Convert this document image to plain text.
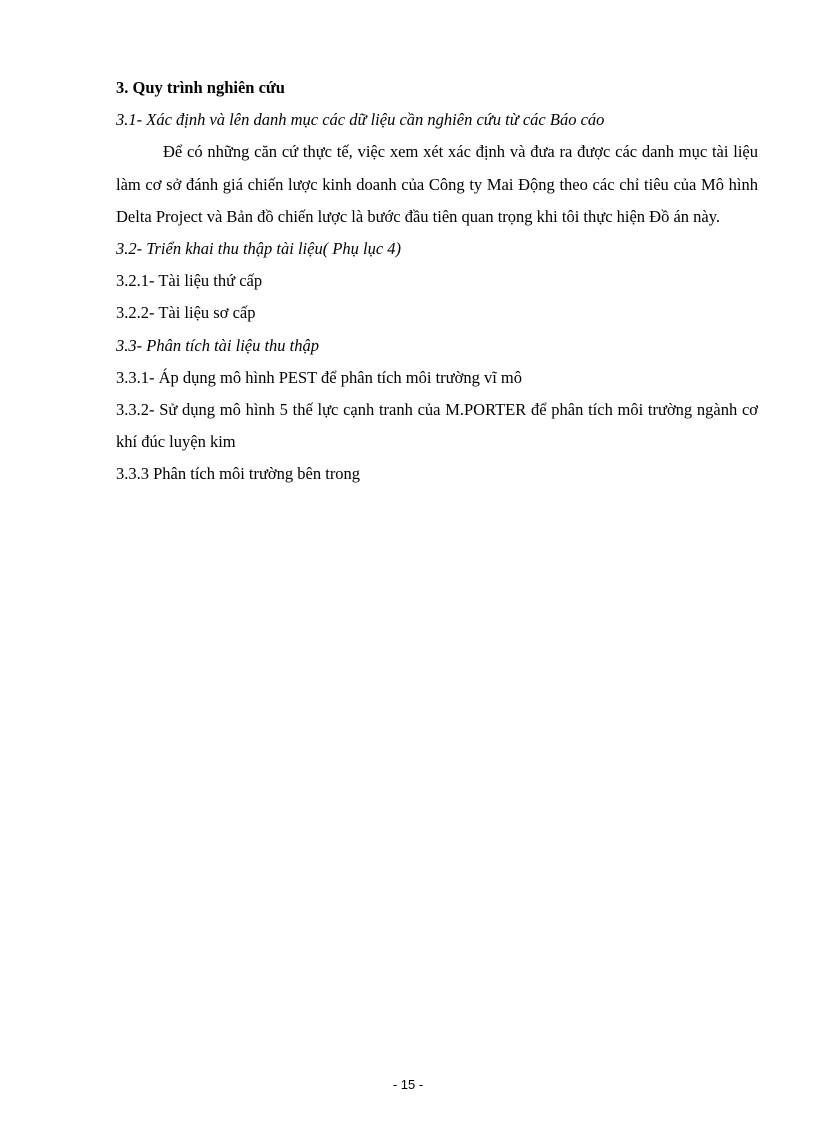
3. Quy trình nghiên cứu
3.1- Xác định và lên danh mục các dữ liệu cần nghiên cứu từ các Báo cáo

Để có những căn cứ thực tế, việc xem xét xác định và đưa ra được các danh mục tài liệu làm cơ sở đánh giá chiến lược kinh doanh của Công ty Mai Động theo các chỉ tiêu của Mô hình Delta Project và Bản đồ chiến lược là bước đầu tiên quan trọng khi tôi thực hiện Đồ án này.

3.2- Triển khai thu thập tài liệu( Phụ lục 4)
3.2.1- Tài liệu thứ cấp
3.2.2- Tài liệu sơ cấp
3.3- Phân tích tài liệu thu thập
3.3.1- Áp dụng mô hình PEST để phân tích môi trường vĩ mô

3.3.2- Sử dụng mô hình 5 thế lực cạnh tranh của M.PORTER để phân tích môi trường ngành cơ khí đúc luyện kim

3.3.3 Phân tích môi trường bên trong
- 15 -
